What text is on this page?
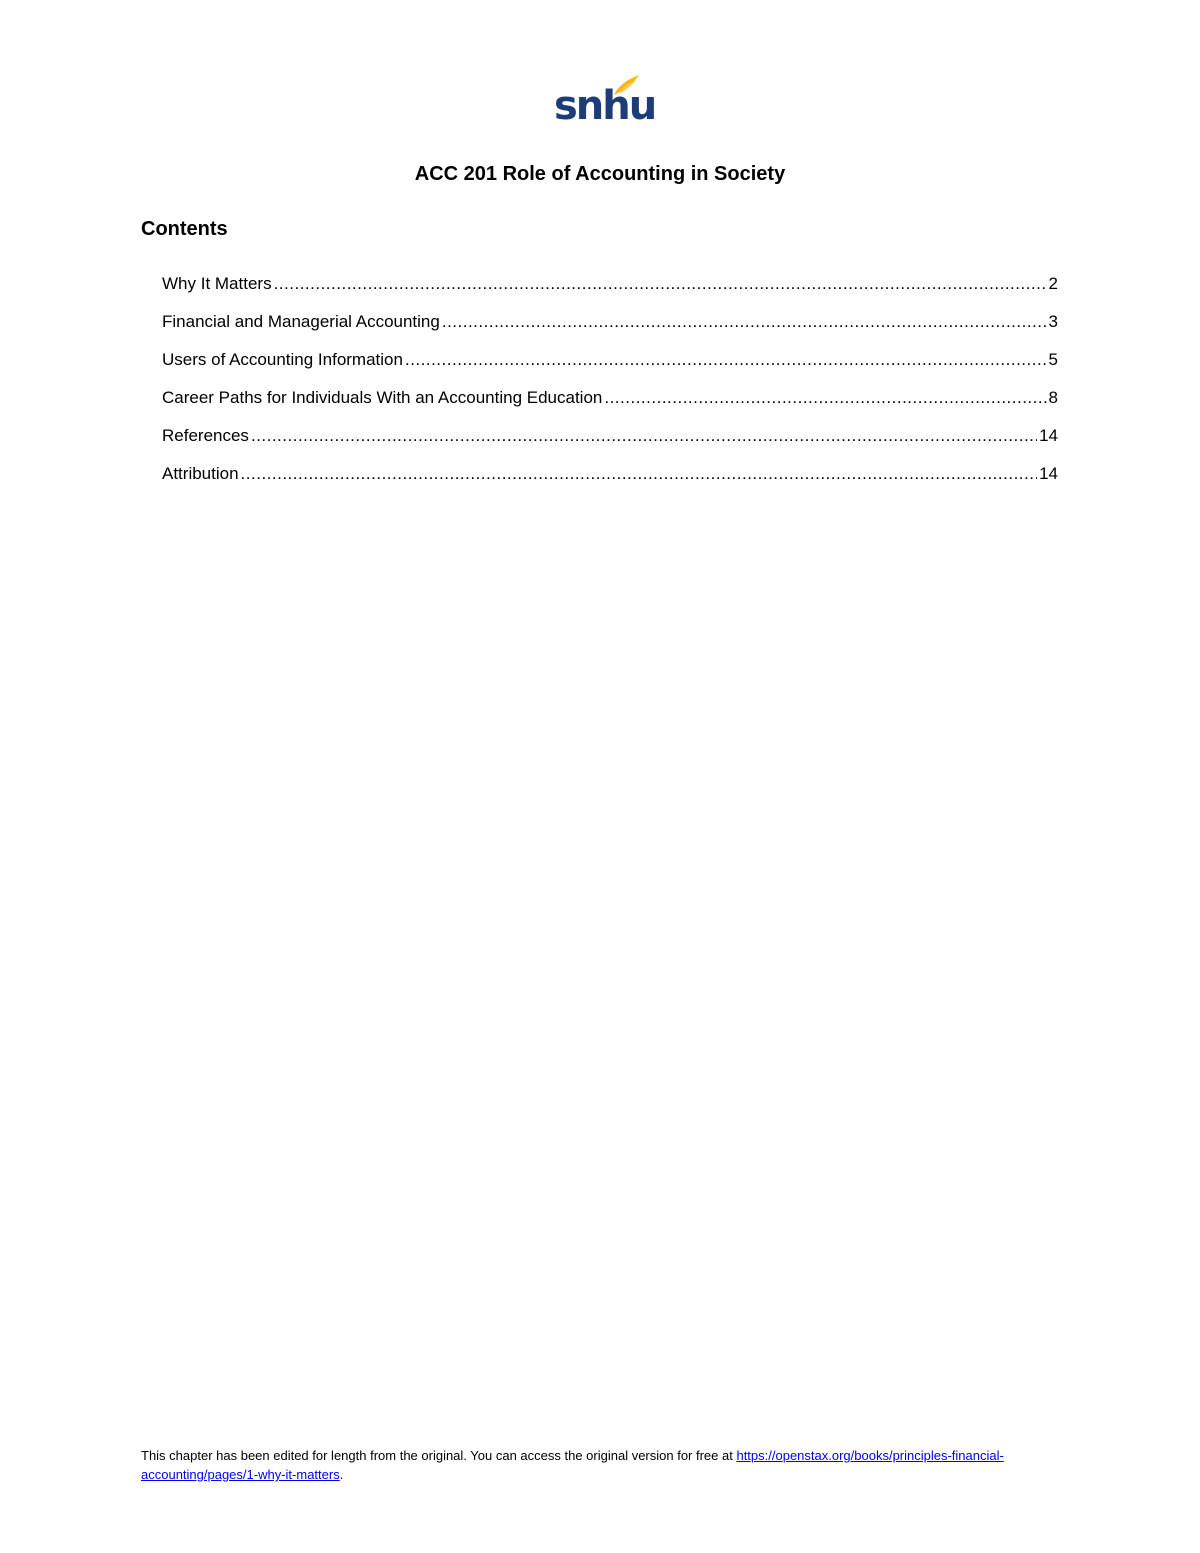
snhu
ACC 201 Role of Accounting in Society
Contents
Why It Matters .....	2
Financial and Managerial Accounting .....	3
Users of Accounting Information .....	5
Career Paths for Individuals With an Accounting Education .....	8
References .....	14
Attribution .....	14
This chapter has been edited for length from the original. You can access the original version for free at https://openstax.org/books/principles-financial-accounting/pages/1-why-it-matters.
